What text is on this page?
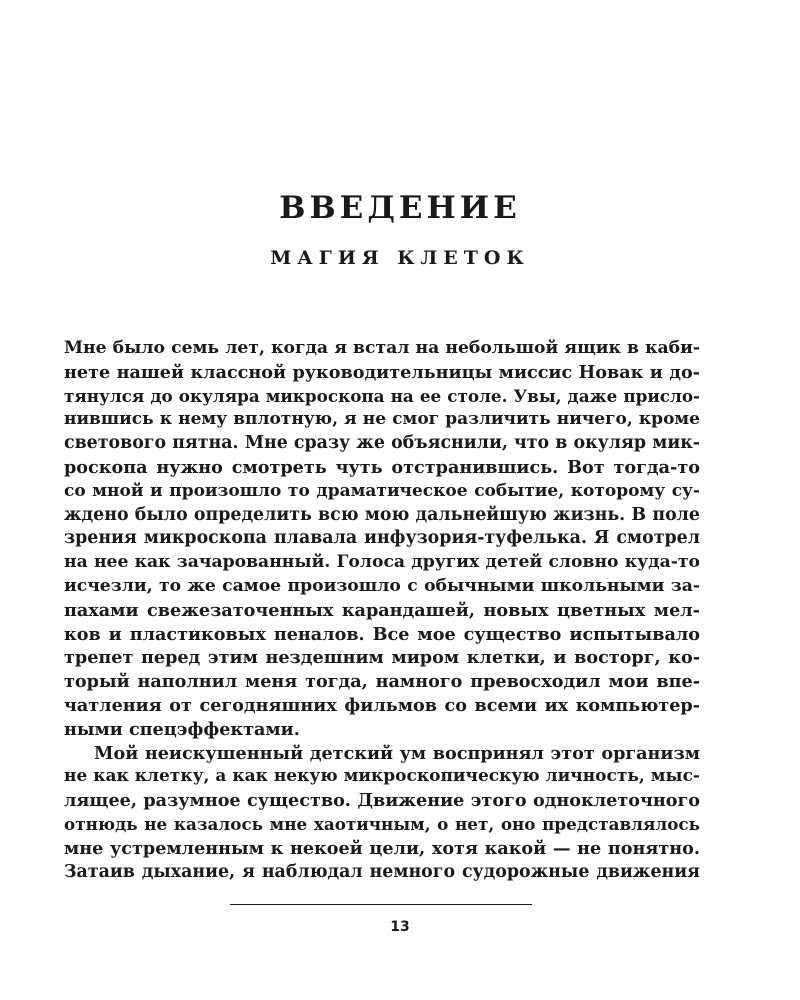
ВВЕДЕНИЕ
МАГИЯ КЛЕТОК
Мне было семь лет, когда я встал на небольшой ящик в каби-
нете нашей классной руководительницы миссис Новак и до-
тянулся до окуляра микроскопа на ее столе. Увы, даже присло-
нившись к нему вплотную, я не смог различить ничего, кроме
светового пятна. Мне сразу же объяснили, что в окуляр мик-
роскопа нужно смотреть чуть отстранившись. Вот тогда-то
со мной и произошло то драматическое событие, которому су-
ждено было определить всю мою дальнейшую жизнь. В поле
зрения микроскопа плавала инфузория-туфелька. Я смотрел
на нее как зачарованный. Голоса других детей словно куда-то
исчезли, то же самое произошло с обычными школьными за-
пахами свежезаточенных карандашей, новых цветных мел-
ков и пластиковых пеналов. Все мое существо испытывало
трепет перед этим нездешним миром клетки, и восторг, ко-
торый наполнил меня тогда, намного превосходил мои впе-
чатления от сегодняшних фильмов со всеми их компьютер-
ными спецэффектами.
Мой неискушенный детский ум воспринял этот организм
не как клетку, а как некую микроскопическую личность, мыс-
лящее, разумное существо. Движение этого одноклеточного
отнюдь не казалось мне хаотичным, о нет, оно представлялось
мне устремленным к некоей цели, хотя какой — не понятно.
Затаив дыхание, я наблюдал немного судорожные движения
13
